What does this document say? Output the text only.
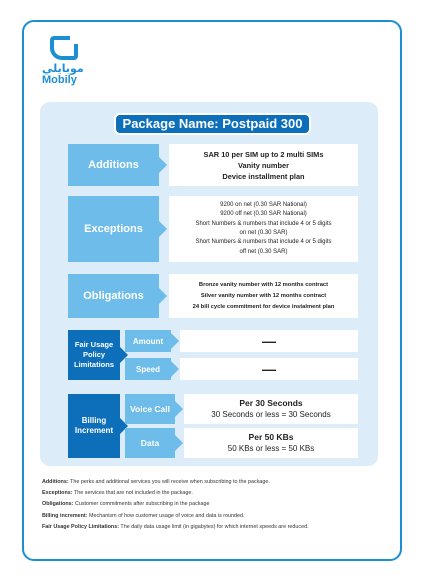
موبايلي
Mobily
Package Name: Postpaid 300
Additions
SAR 10 per SIM up to 2 multi SIMs
Vanity number
Device installment plan
Exceptions
9200 on net (0.30 SAR National)
9200 off net (0.30 SAR National)
Short Numbers & numbers that include 4 or 5 digits
on net (0.30 SAR)
Short Numbers & numbers that include 4 or 5 digits
off net (0.30 SAR)
Obligations
Bronze vanity number with 12 months contract
Silver vanity number with 12 months contract
24 bill cycle commitment for device instalment plan
Fair Usage Policy Limitations
Amount	—
Speed	—
Billing Increment
Voice Call
Per 30 Seconds
30 Seconds or less = 30 Seconds
Data
Per 50 KBs
50 KBs or less = 50 KBs

Additions: The perks and additional services you will receive when subscribing to the package.

Exceptions: The services that are not included in the package.

Obligations: Customer commitments after subscribing in the package

Billing increment: Mechanism of how customer usage of voice and data is rounded.

Fair Usage Policy Limitations: The daily data usage limit (in gigabytes) for which internet speeds are reduced.
